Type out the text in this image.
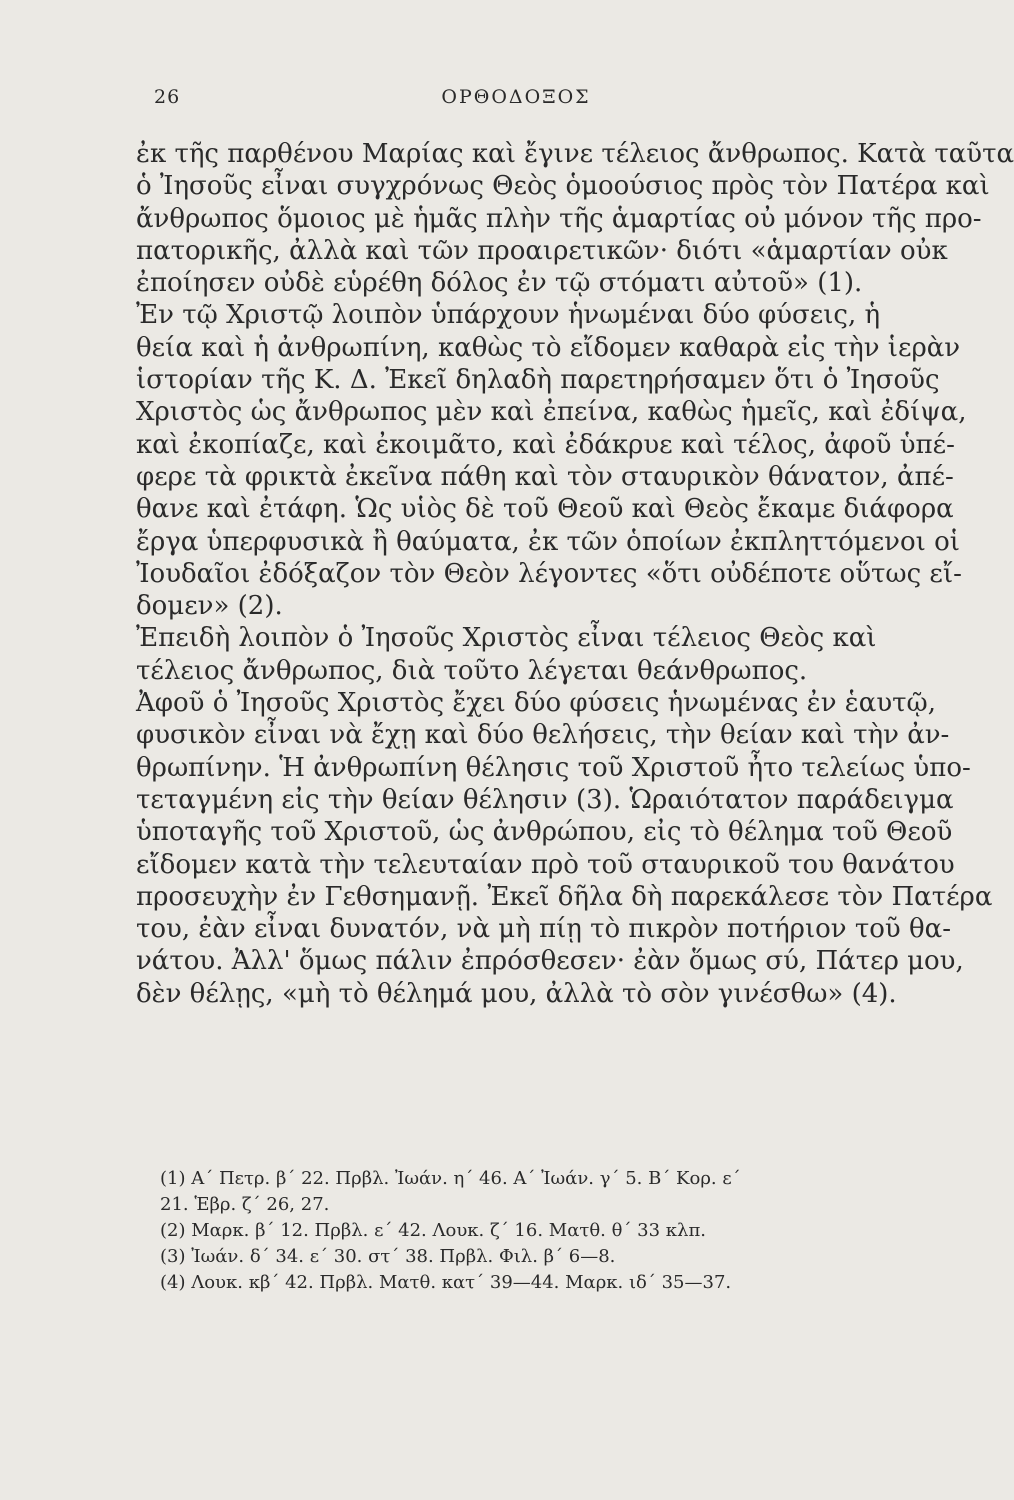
26	ΟΡΘΟΔΟΞΟΣ
ἐκ τῆς παρθένου Μαρίας καὶ ἔγινε τέλειος ἄνθρωπος. Κατὰ ταῦτα
ὁ Ἰησοῦς εἶναι συγχρόνως Θεὸς ὁμοούσιος πρὸς τὸν Πατέρα καὶ
ἄνθρωπος ὅμοιος μὲ ἡμᾶς πλὴν τῆς ἁμαρτίας οὐ μόνον τῆς προ-
πατορικῆς, ἀλλὰ καὶ τῶν προαιρετικῶν· διότι «ἁμαρτίαν οὐκ
ἐποίησεν οὐδὲ εὑρέθη δόλος ἐν τῷ στόματι αὐτοῦ» (1).
Ἐν τῷ Χριστῷ λοιπὸν ὑπάρχουν ἡνωμέναι δύο φύσεις, ἡ
θεία καὶ ἡ ἀνθρωπίνη, καθὼς τὸ εἴδομεν καθαρὰ εἰς τὴν ἱερὰν
ἱστορίαν τῆς Κ. Δ. Ἐκεῖ δηλαδὴ παρετηρήσαμεν ὅτι ὁ Ἰησοῦς
Χριστὸς ὡς ἄνθρωπος μὲν καὶ ἐπείνα, καθὼς ἡμεῖς, καὶ ἐδίψα,
καὶ ἐκοπίαζε, καὶ ἐκοιμᾶτο, καὶ ἐδάκρυε καὶ τέλος, ἀφοῦ ὑπέ-
φερε τὰ φρικτὰ ἐκεῖνα πάθη καὶ τὸν σταυρικὸν θάνατον, ἀπέ-
θανε καὶ ἐτάφη. Ὡς υἱὸς δὲ τοῦ Θεοῦ καὶ Θεὸς ἔκαμε διάφορα
ἔργα ὑπερφυσικὰ ἢ θαύματα, ἐκ τῶν ὁποίων ἐκπληττόμενοι οἱ
Ἰουδαῖοι ἐδόξαζον τὸν Θεὸν λέγοντες «ὅτι οὐδέποτε οὕτως εἴ-
δομεν» (2).
Ἐπειδὴ λοιπὸν ὁ Ἰησοῦς Χριστὸς εἶναι τέλειος Θεὸς καὶ
τέλειος ἄνθρωπος, διὰ τοῦτο λέγεται θεάνθρωπος.
Ἀφοῦ ὁ Ἰησοῦς Χριστὸς ἔχει δύο φύσεις ἡνωμένας ἐν ἑαυτῷ,
φυσικὸν εἶναι νὰ ἔχῃ καὶ δύο θελήσεις, τὴν θείαν καὶ τὴν ἀν-
θρωπίνην. Ἡ ἀνθρωπίνη θέλησις τοῦ Χριστοῦ ἦτο τελείως ὑπο-
τεταγμένη εἰς τὴν θείαν θέλησιν (3). Ὡραιότατον παράδειγμα
ὑποταγῆς τοῦ Χριστοῦ, ὡς ἀνθρώπου, εἰς τὸ θέλημα τοῦ Θεοῦ
εἴδομεν κατὰ τὴν τελευταίαν πρὸ τοῦ σταυρικοῦ του θανάτου
προσευχὴν ἐν Γεθσημανῇ. Ἐκεῖ δῆλα δὴ παρεκάλεσε τὸν Πατέρα
του, ἐὰν εἶναι δυνατόν, νὰ μὴ πίῃ τὸ πικρὸν ποτήριον τοῦ θα-
νάτου. Ἀλλ' ὅμως πάλιν ἐπρόσθεσεν· ἐὰν ὅμως σύ, Πάτερ μου,
δὲν θέλῃς, «μὴ τὸ θέλημά μου, ἀλλὰ τὸ σὸν γινέσθω» (4).
(1) Α΄ Πετρ. β΄ 22. Πρβλ. Ἰωάν. η΄ 46. Α΄ Ἰωάν. γ΄ 5. Β΄ Κορ. ε΄
21. Ἑβρ. ζ΄ 26, 27.
(2) Μαρκ. β΄ 12. Πρβλ. ε΄ 42. Λουκ. ζ΄ 16. Ματθ. θ΄ 33 κλπ.
(3) Ἰωάν. δ΄ 34. ε΄ 30. στ΄ 38. Πρβλ. Φιλ. β΄ 6—8.
(4) Λουκ. κβ΄ 42. Πρβλ. Ματθ. κατ΄ 39—44. Μαρκ. ιδ΄ 35—37.
